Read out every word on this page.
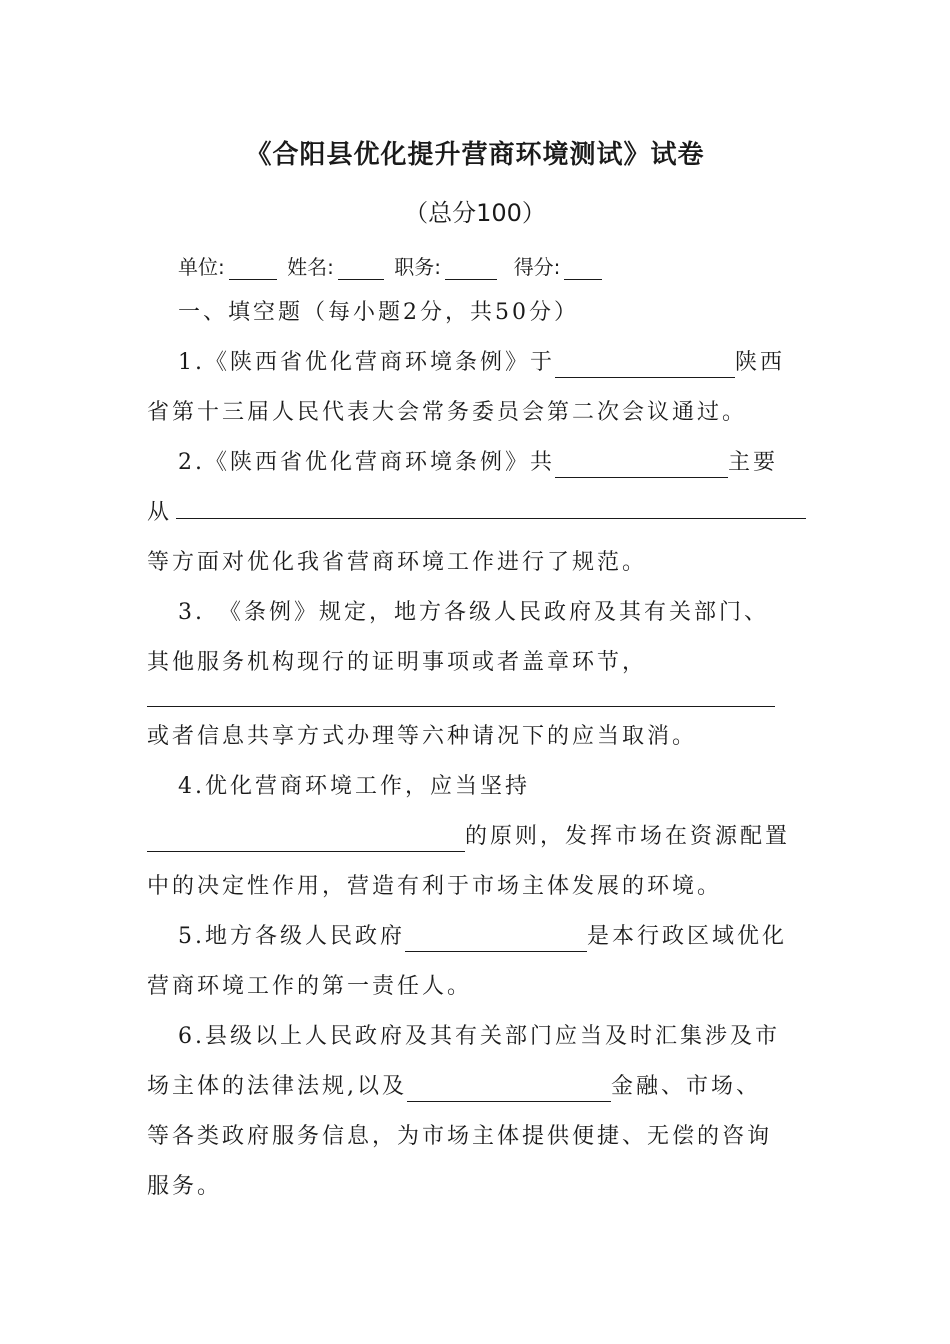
《合阳县优化提升营商环境测试》试卷
（总分100）
单位:	姓名:	职务:	得分:
一、填空题（每小题2分，共50分）
1.《陕西省优化营商环境条例》于	陕西
省第十三届人民代表大会常务委员会第二次会议通过。
2.《陕西省优化营商环境条例》共	主要
从
等方面对优化我省营商环境工作进行了规范。
3.　《条例》规定，地方各级人民政府及其有关部门、
其他服务机构现行的证明事项或者盖章环节，
或者信息共享方式办理等六种请况下的应当取消。
4.优化营商环境工作，应当坚持
的原则，发挥市场在资源配置
中的决定性作用，营造有利于市场主体发展的环境。
5.地方各级人民政府	是本行政区域优化
营商环境工作的第一责任人。
6.县级以上人民政府及其有关部门应当及时汇集涉及市
场主体的法律法规,以及	金融、市场、
等各类政府服务信息，为市场主体提供便捷、无偿的咨询
服务。
